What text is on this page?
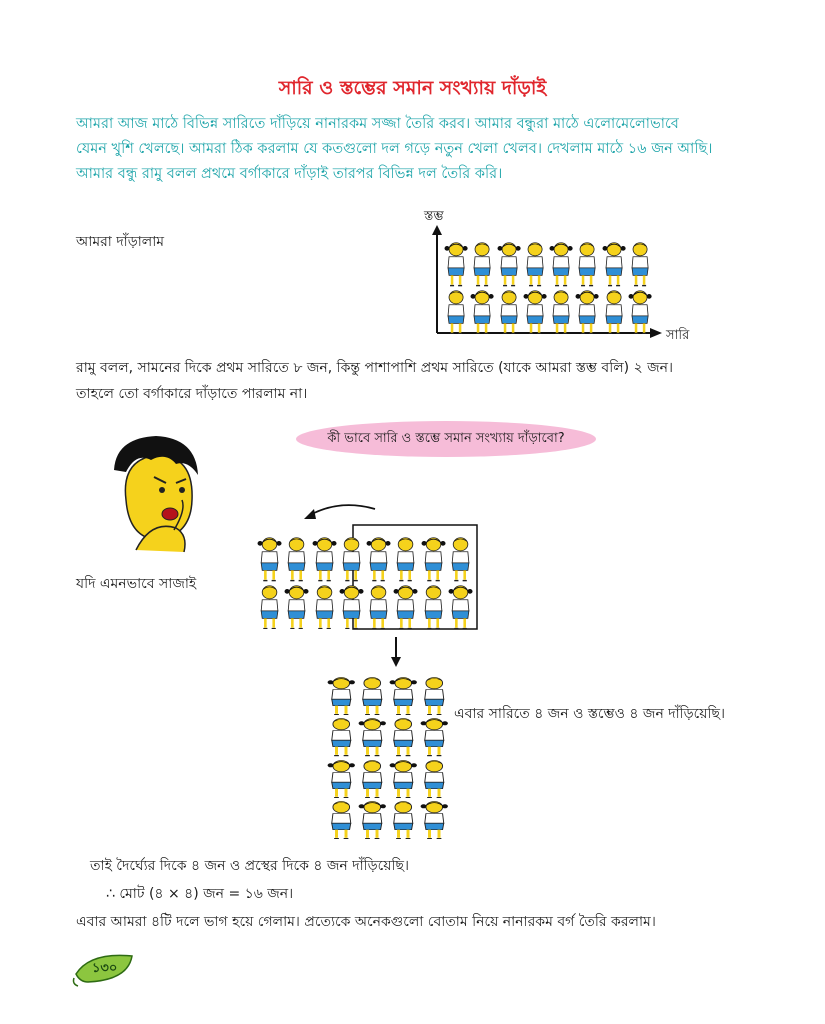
সারি ও স্তম্ভের সমান সংখ্যায় দাঁড়াই
আমরা আজ মাঠে বিভিন্ন সারিতে দাঁড়িয়ে নানারকম সজ্জা তৈরি করব। আমার বন্ধুরা মাঠে এলোমেলোভাবে
যেমন খুশি খেলছে। আমরা ঠিক করলাম যে কতগুলো দল গড়ে নতুন খেলা খেলব। দেখলাম মাঠে ১৬ জন আছি।
আমার বন্ধু রামু বলল প্রথমে বর্গাকারে দাঁড়াই তারপর বিভিন্ন দল তৈরি করি।
আমরা দাঁড়ালাম
স্তম্ভ
সারি
রামু বলল, সামনের দিকে প্রথম সারিতে ৮ জন, কিন্তু পাশাপাশি প্রথম সারিতে (যাকে আমরা স্তম্ভ বলি) ২ জন।
তাহলে তো বর্গাকারে দাঁড়াতে পারলাম না।
কী ভাবে সারি ও স্তম্ভে সমান সংখ্যায় দাঁড়াবো?
যদি এমনভাবে সাজাই
এবার সারিতে ৪ জন ও স্তম্ভেও ৪ জন দাঁড়িয়েছি।
তাই দৈর্ঘ্যের দিকে ৪ জন ও প্রস্থের দিকে ৪ জন দাঁড়িয়েছি।
∴ মোট (৪ × ৪) জন = ১৬ জন।
এবার আমরা ৪টি দলে ভাগ হয়ে গেলাম। প্রত্যেকে অনেকগুলো বোতাম নিয়ে নানারকম বর্গ তৈরি করলাম।
১৩০
